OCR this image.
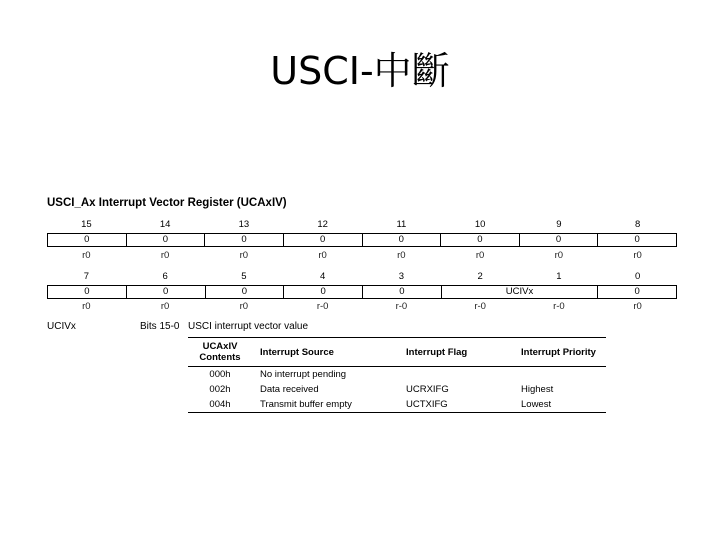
USCI-中斷
USCI_Ax Interrupt Vector Register (UCAxIV)
15	14	13	12	11	10	9	8
0	0	0	0	0	0	0	0
r0	r0	r0	r0	r0	r0	r0	r0
7	6	5	4	3	2	1	0
0	0	0	0	0	UCIVx	0
r0	r0	r0	r-0	r-0	r-0	r-0	r0
UCIVx	Bits 15-0 USCI interrupt vector value
UCAxIV Contents	Interrupt Source	Interrupt Flag	Interrupt Priority
000h	No interrupt pending		
002h	Data received	UCRXIFG	Highest
004h	Transmit buffer empty	UCTXIFG	Lowest
